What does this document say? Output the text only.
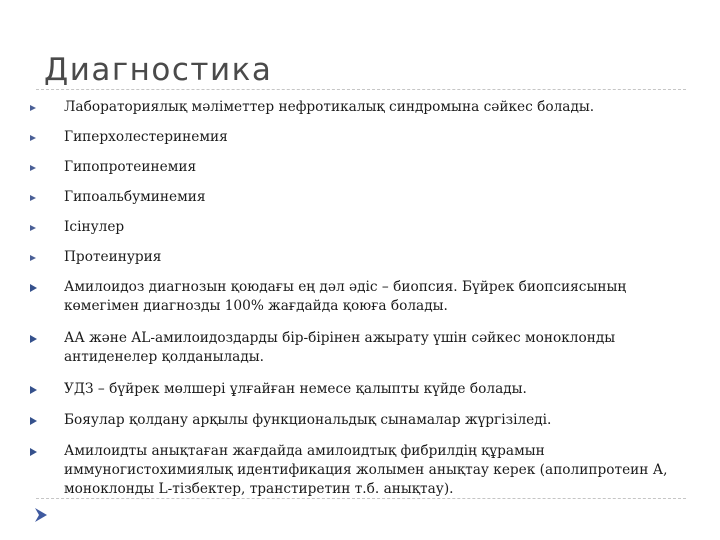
Диагностика
Лабораториялық мәліметтер нефротикалық синдромына сәйкес болады.
Гиперхолестеринемия
Гипопротеинемия
Гипоальбуминемия
Ісінулер
Протеинурия
Амилоидоз диагнозын қоюдағы ең дәл әдіс – биопсия. Бүйрек биопсиясының көмегімен диагнозды 100% жағдайда қоюға болады.
АА және AL-амилоидоздарды бір-бірінен ажырату үшін сәйкес моноклонды антиденелер қолданылады.
УДЗ – бүйрек мөлшері ұлғайған немесе қалыпты күйде болады.
Бояулар қолдану арқылы функциональдық сынамалар жүргізіледі.
Амилоидты анықтаған жағдайда амилоидтық фибрилдің құрамын иммуногистохимиялық идентификация жолымен анықтау керек (аполипротеин А, моноклонды L-тізбектер, транстиретин т.б. анықтау).
